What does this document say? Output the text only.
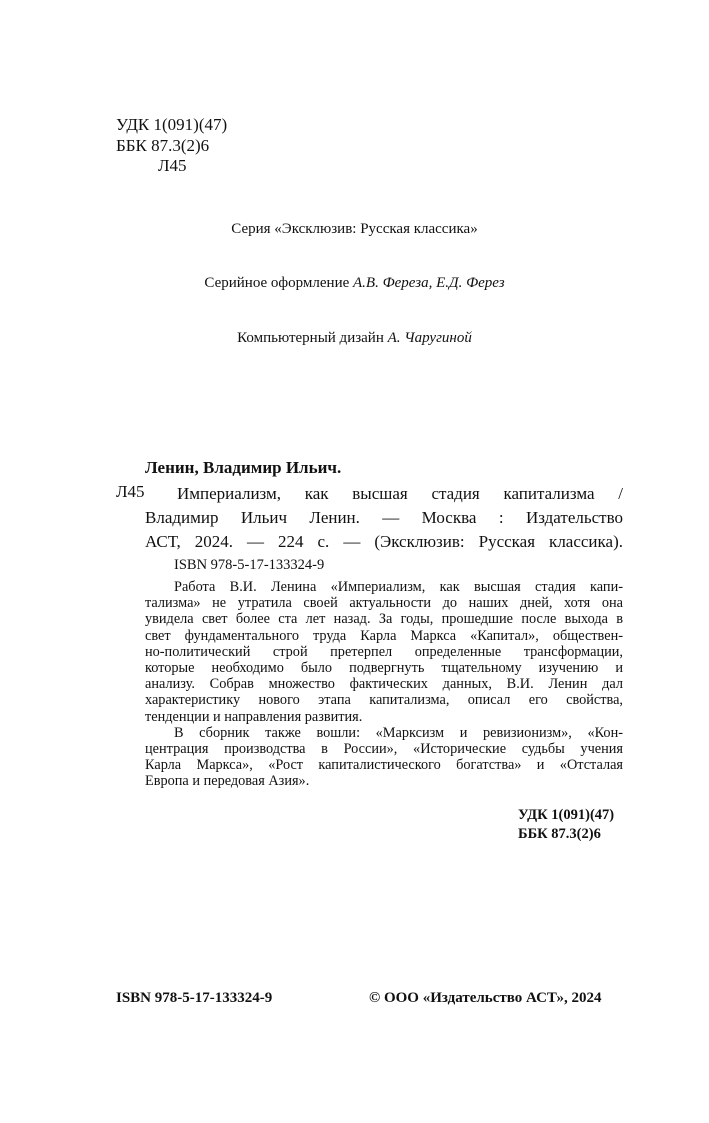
УДК 1(091)(47)
ББК 87.3(2)6
Л45
Серия «Эксклюзив: Русская классика»
Серийное оформление А.В. Фереза, Е.Д. Ферез
Компьютерный дизайн А. Чаругиной
Ленин, Владимир Ильич.
Л45	Империализм, как высшая стадия капитализма /
Владимир Ильич Ленин. — Москва : Издательство
АСТ, 2024. — 224 с. — (Эксклюзив: Русская классика).
ISBN 978-5-17-133324-9
Работа В.И. Ленина «Империализм, как высшая стадия капи-
тализма» не утратила своей актуальности до наших дней, хотя она
увидела свет более ста лет назад. За годы, прошедшие после выхода в
свет фундаментального труда Карла Маркса «Капитал», обществен-
но-политический строй претерпел определенные трансформации,
которые необходимо было подвергнуть тщательному изучению и
анализу. Собрав множество фактических данных, В.И. Ленин дал
характеристику нового этапа капитализма, описал его свойства,
тенденции и направления развития.
В сборник также вошли: «Марксизм и ревизионизм», «Кон-
центрация производства в России», «Исторические судьбы учения
Карла Маркса», «Рост капиталистического богатства» и «Отсталая
Европа и передовая Азия».
УДК 1(091)(47)
ББК 87.3(2)6
ISBN 978-5-17-133324-9	© ООО «Издательство АСТ», 2024
